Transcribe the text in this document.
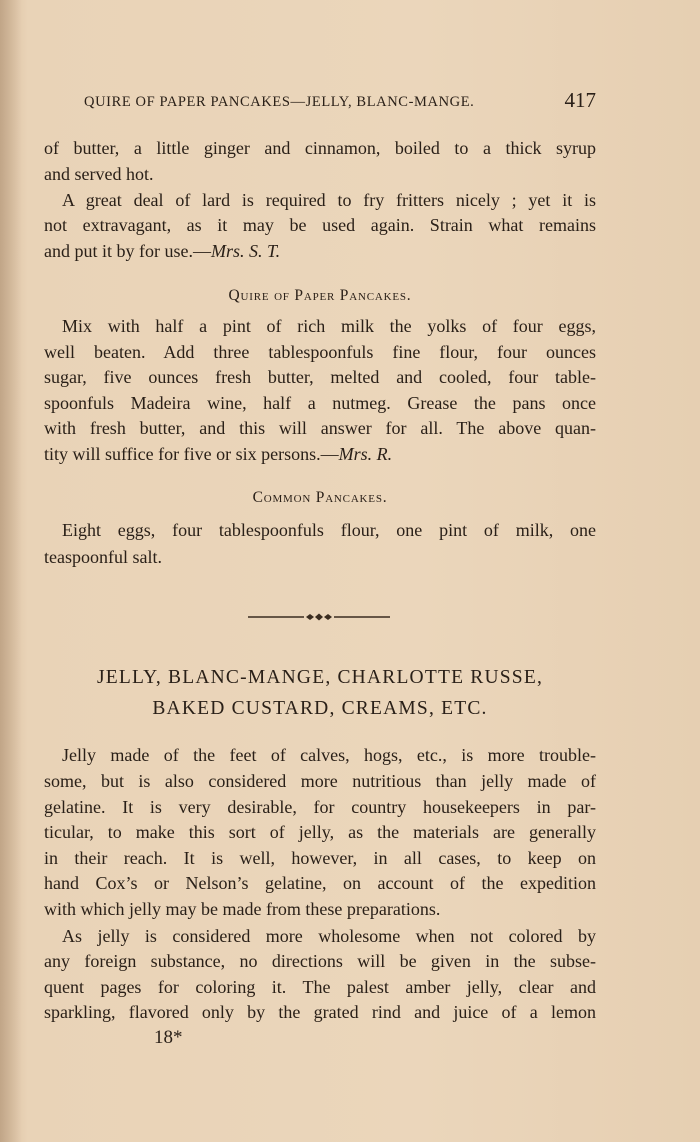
QUIRE OF PAPER PANCAKES—JELLY, BLANC-MANGE.	417
of butter, a little ginger and cinnamon, boiled to a thick syrup
and served hot.
A great deal of lard is required to fry fritters nicely ; yet it is
not extravagant, as it may be used again. Strain what remains
and put it by for use.—Mrs. S. T.
Quire of Paper Pancakes.
Mix with half a pint of rich milk the yolks of four eggs,
well beaten. Add three tablespoonfuls fine flour, four ounces
sugar, five ounces fresh butter, melted and cooled, four table-
spoonfuls Madeira wine, half a nutmeg. Grease the pans once
with fresh butter, and this will answer for all. The above quan-
tity will suffice for five or six persons.—Mrs. R.
Common Pancakes.
Eight eggs, four tablespoonfuls flour, one pint of milk, one
teaspoonful salt.
JELLY, BLANC-MANGE, CHARLOTTE RUSSE,
BAKED CUSTARD, CREAMS, ETC.
Jelly made of the feet of calves, hogs, etc., is more trouble-
some, but is also considered more nutritious than jelly made of
gelatine. It is very desirable, for country housekeepers in par-
ticular, to make this sort of jelly, as the materials are generally
in their reach. It is well, however, in all cases, to keep on
hand Cox’s or Nelson’s gelatine, on account of the expedition
with which jelly may be made from these preparations.
As jelly is considered more wholesome when not colored by
any foreign substance, no directions will be given in the subse-
quent pages for coloring it. The palest amber jelly, clear and
sparkling, flavored only by the grated rind and juice of a lemon
18*
